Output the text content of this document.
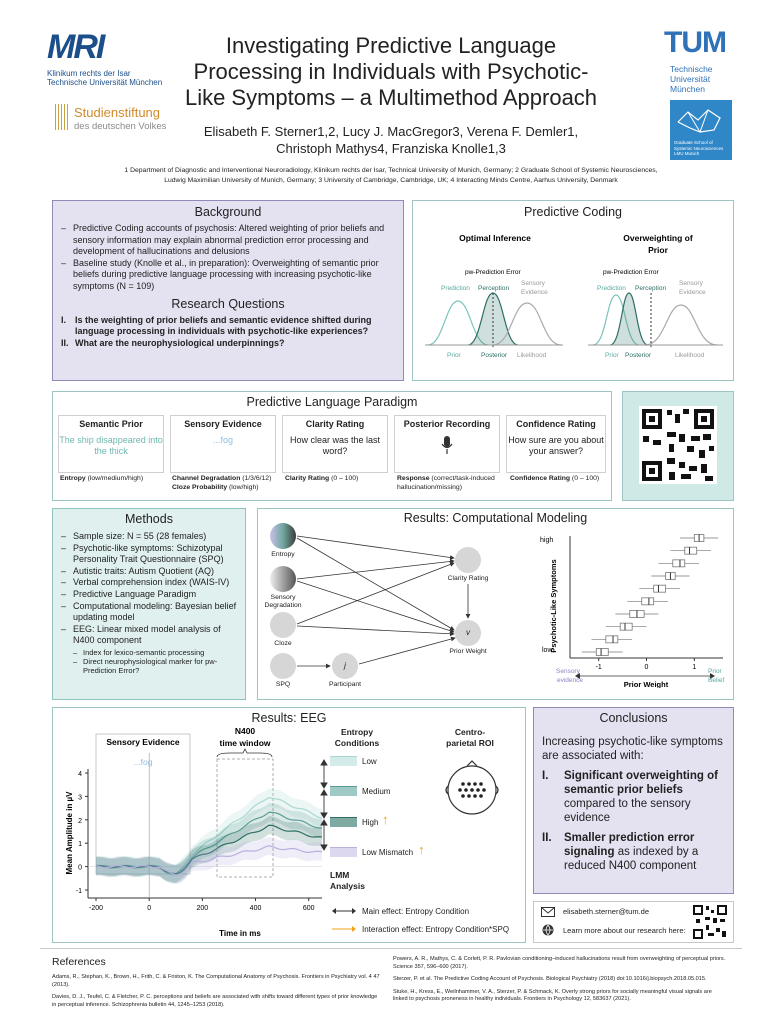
MRI
Klinikum rechts der Isar
Technische Universität München
Studienstiftung
des deutschen Volkes
Investigating Predictive Language
Processing in Individuals with Psychotic-
Like Symptoms – a Multimethod Approach
Elisabeth F. Sterner1,2, Lucy J. MacGregor3, Verena F. Demler1,
Christoph Mathys4, Franziska Knolle1,3
1 Department of Diagnostic and Interventional Neuroradiology, Klinikum rechts der Isar, Technical University of Munich, Germany; 2 Graduate School of Systemic Neurosciences,
Ludwig Maximilian University of Munich, Germany; 3 University of Cambridge, Cambridge, UK; 4 Interacting Minds Centre, Aarhus University, Denmark
TUM
Technische
Universität
München
Graduate School of
Systemic Neurosciences
LMU Munich
Background
– Predictive Coding accounts of psychosis: Altered weighting of prior beliefs and sensory information may explain abnormal prediction error processing and development of hallucinations and delusions
– Baseline study (Knolle et al., in preparation): Overweighting of semantic prior beliefs during predictive language processing with increasing psychotic-like symptoms (N = 109)
Research Questions
I. Is the weighting of prior beliefs and semantic evidence shifted during language processing in individuals with psychotic-like experiences?
II. What are the neurophysiological underpinnings?
Predictive Coding
Optimal Inference	Overweighting of
Prior
pw-Prediction Error	pw-Prediction Error
Prediction Perception
Sensory
Evidence
Prediction Perception
Sensory
Evidence
Prior	Posterior Likelihood	Prior Posterior	Likelihood
Predictive Language Paradigm
Semantic Prior
The ship disappeared into the thick
Sensory Evidence
...fog
Clarity Rating
How clear was the last word?
Posterior Recording	Confidence Rating
How sure are you about your answer?
Entropy (low/medium/high)	Channel Degradation (1/3/6/12)
Cloze Probability (low/high)
Clarity Rating (0 – 100)	Response (correct/task-induced hallucination/missing)
Confidence Rating (0 – 100)
Methods
– Sample size: N = 55 (28 females)
– Psychotic-like symptoms: Schizotypal Personality Trait Questionnaire (SPQ)
– Autistic traits: Autism Quotient (AQ)
– Verbal comprehension index (WAIS-IV)
– Predictive Language Paradigm
– Computational modeling: Bayesian belief updating model
– EEG: Linear mixed model analysis of N400 component
– Index for lexico-semantic processing
– Direct neurophysiological marker for pw-Prediction Error?
Results: Computational Modeling
Entropy
Sensory
Degradation
Cloze
SPQ
j
Participant
Clarity Rating
v
Prior Weight	Psychotic-Like Symptoms
high
low
-1	0	1
Prior Weight
Sensory
evidence
Prior
Belief
Results: EEG
Sensory Evidence
...fog
N400
time window
Mean Amplitude in µV
4
3
2
1
0
-1
-200	0	200	400	600
Time in ms
Entropy
Conditions
Low
Medium
High ↑
Low Mismatch ↑
LMM
Analysis
Main effect: Entropy Condition
Interaction effect: Entropy Condition*SPQ
Centro-
parietal ROI
Conclusions
Increasing psychotic-like symptoms are associated with:
I. Significant overweighting of semantic prior beliefs compared to the sensory evidence
II. Smaller prediction error signaling as indexed by a reduced N400 component
elisabeth.sterner@tum.de
Learn more about our research here:
References
Adams, R., Stephan, K., Brown, H., Frith, C. & Friston, K. The Computational Anatomy of Psychosis. Frontiers in Psychiatry vol. 4 47 (2013).
Davies, D. J., Teufel, C. & Fletcher, P. C. perceptions and beliefs are associated with shifts toward different types of prior knowledge in perceptual inference. Schizophrenia bulletin 44, 1245–1253 (2018).
Powers, A. R., Mathys, C. & Corlett, P. R. Pavlovian conditioning–induced hallucinations result from overweighting of perceptual priors. Science 357, 596–600 (2017).
Sterzer, P. et al. The Predictive Coding Account of Psychosis. Biological Psychiatry (2018) doi:10.1016/j.biopsych.2018.05.015.
Stuke, H., Kress, E., Weilnhammer, V. A., Sterzer, P. & Schmack, K. Overly strong priors for socially meaningful visual signals are linked to psychosis proneness in healthy individuals. Frontiers in Psychology 12, 583637 (2021).
